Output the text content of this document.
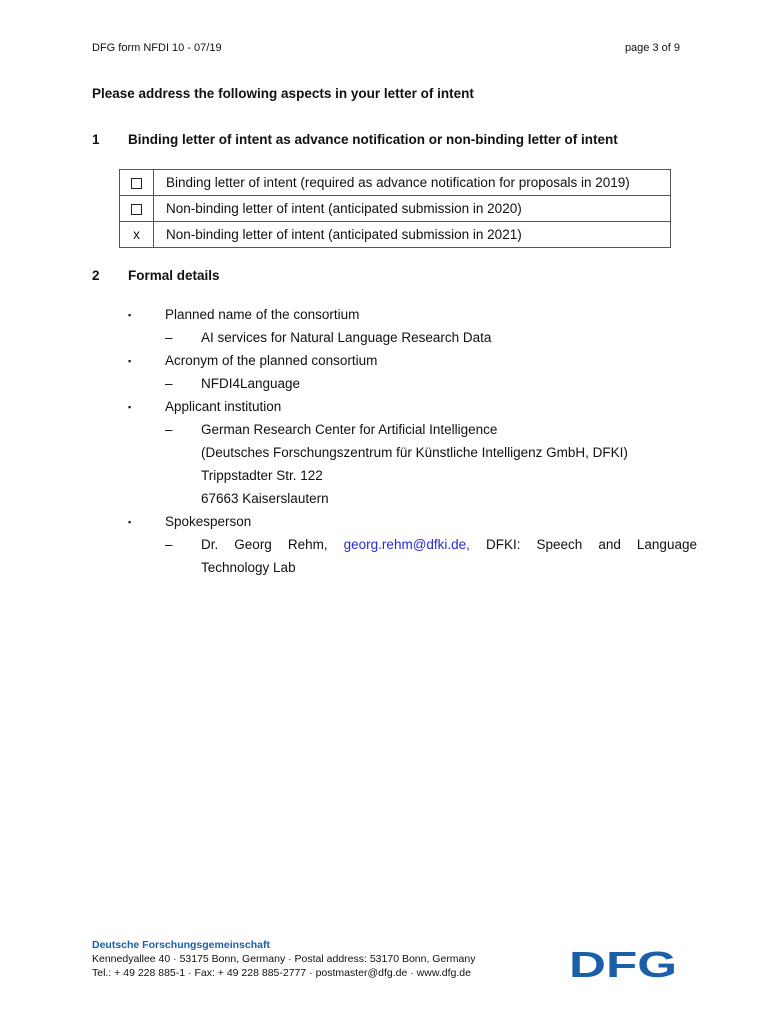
DFG form NFDI 10 - 07/19	page 3 of 9
Please address the following aspects in your letter of intent
1 Binding letter of intent as advance notification or non-binding letter of intent
	Binding letter of intent (required as advance notification for proposals in 2019)
	Non-binding letter of intent (anticipated submission in 2020)
x	Non-binding letter of intent (anticipated submission in 2021)
2 Formal details
▪	Planned name of the consortium
– AI services for Natural Language Research Data
▪	Acronym of the planned consortium
– NFDI4Language
▪	Applicant institution
– German Research Center for Artificial Intelligence
(Deutsches Forschungszentrum für Künstliche Intelligenz GmbH, DFKI)
Trippstadter Str. 122
67663 Kaiserslautern
▪	Spokesperson
– Dr. Georg Rehm, georg.rehm@dfki.de, DFKI: Speech and Language
Technology Lab
Deutsche Forschungsgemeinschaft
Kennedyallee 40 · 53175 Bonn, Germany · Postal address: 53170 Bonn, Germany
Tel.: + 49 228 885-1 · Fax: + 49 228 885-2777 · postmaster@dfg.de · www.dfg.de	DFG
